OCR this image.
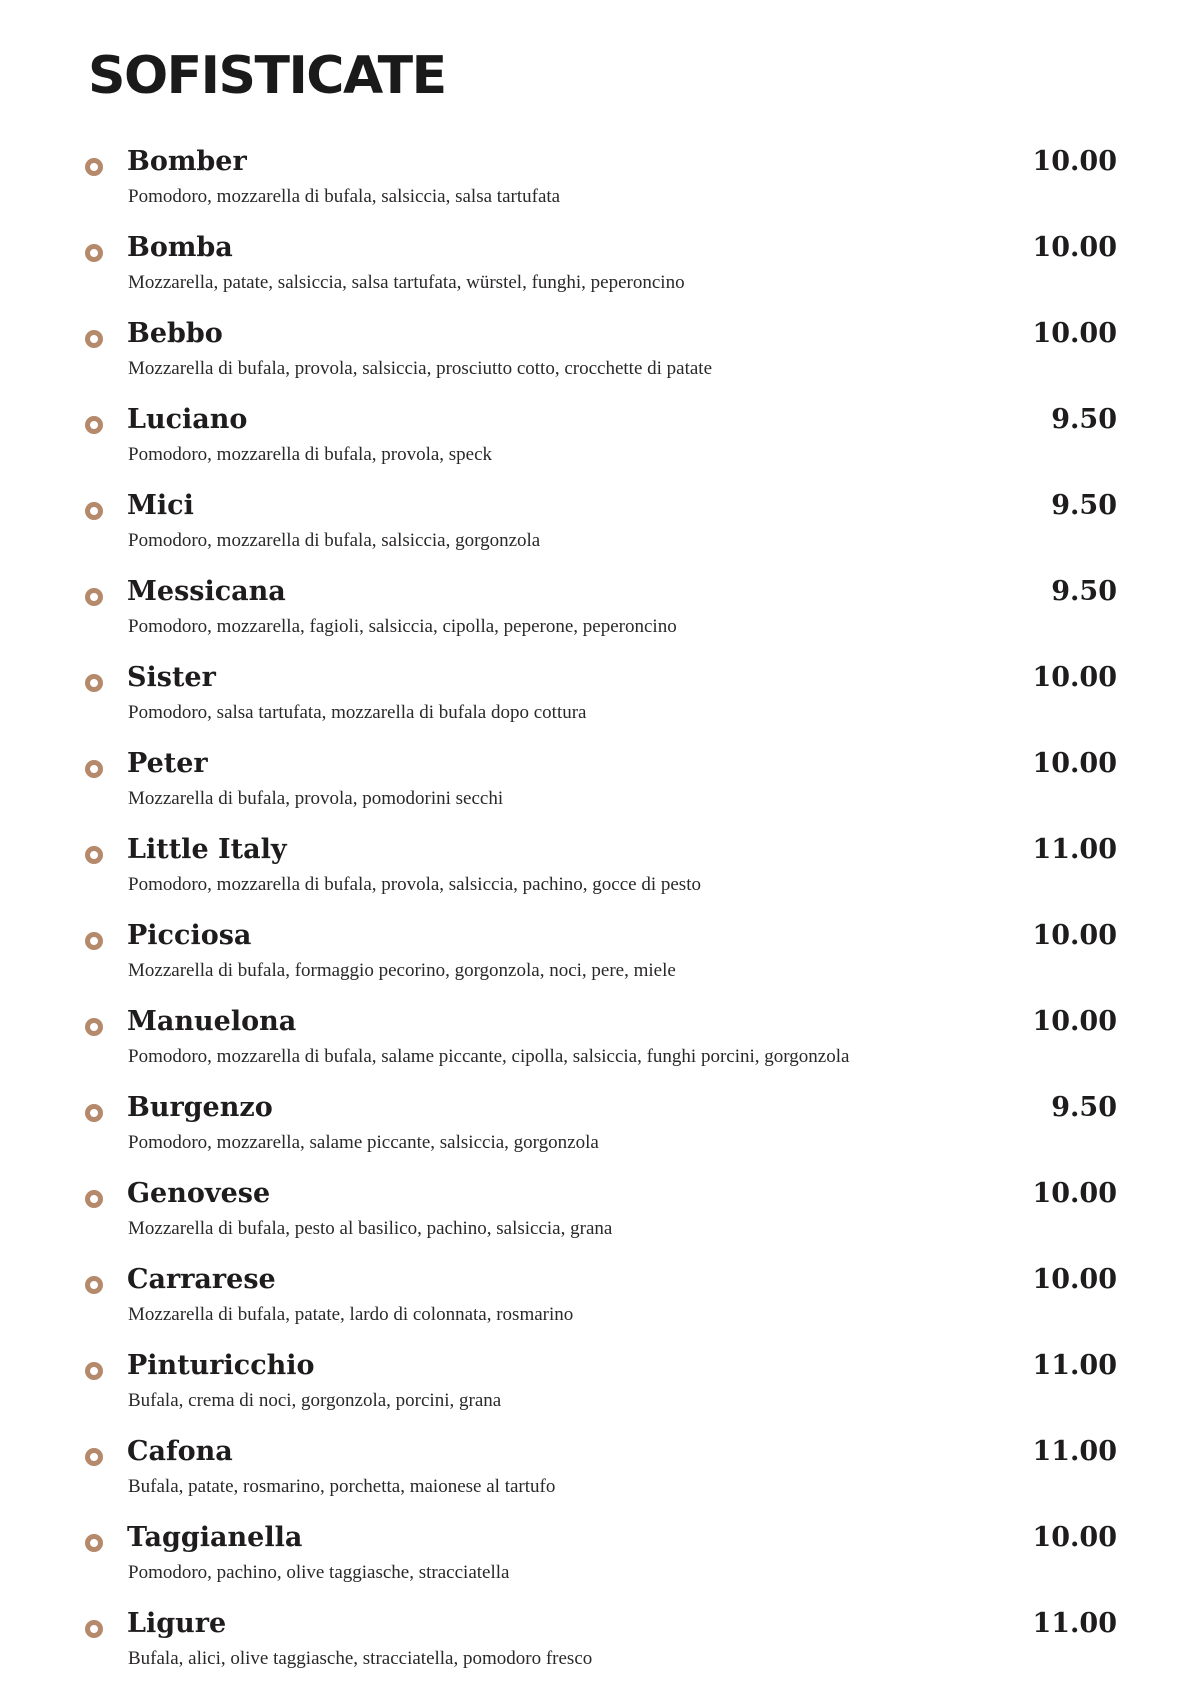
SOFISTICATE
Bomber	10.00
Pomodoro, mozzarella di bufala, salsiccia, salsa tartufata
Bomba	10.00
Mozzarella, patate, salsiccia, salsa tartufata, würstel, funghi, peperoncino
Bebbo	10.00
Mozzarella di bufala, provola, salsiccia, prosciutto cotto, crocchette di patate
Luciano	9.50
Pomodoro, mozzarella di bufala, provola, speck
Mici	9.50
Pomodoro, mozzarella di bufala, salsiccia, gorgonzola
Messicana	9.50
Pomodoro, mozzarella, fagioli, salsiccia, cipolla, peperone, peperoncino
Sister	10.00
Pomodoro, salsa tartufata, mozzarella di bufala dopo cottura
Peter	10.00
Mozzarella di bufala, provola, pomodorini secchi
Little Italy	11.00
Pomodoro, mozzarella di bufala, provola, salsiccia, pachino, gocce di pesto
Picciosa	10.00
Mozzarella di bufala, formaggio pecorino, gorgonzola, noci, pere, miele
Manuelona	10.00
Pomodoro, mozzarella di bufala, salame piccante, cipolla, salsiccia, funghi porcini, gorgonzola
Burgenzo	9.50
Pomodoro, mozzarella, salame piccante, salsiccia, gorgonzola
Genovese	10.00
Mozzarella di bufala, pesto al basilico, pachino, salsiccia, grana
Carrarese	10.00
Mozzarella di bufala, patate, lardo di colonnata, rosmarino
Pinturicchio	11.00
Bufala, crema di noci, gorgonzola, porcini, grana
Cafona	11.00
Bufala, patate, rosmarino, porchetta, maionese al tartufo
Taggianella	10.00
Pomodoro, pachino, olive taggiasche, stracciatella
Ligure	11.00
Bufala, alici, olive taggiasche, stracciatella, pomodoro fresco
